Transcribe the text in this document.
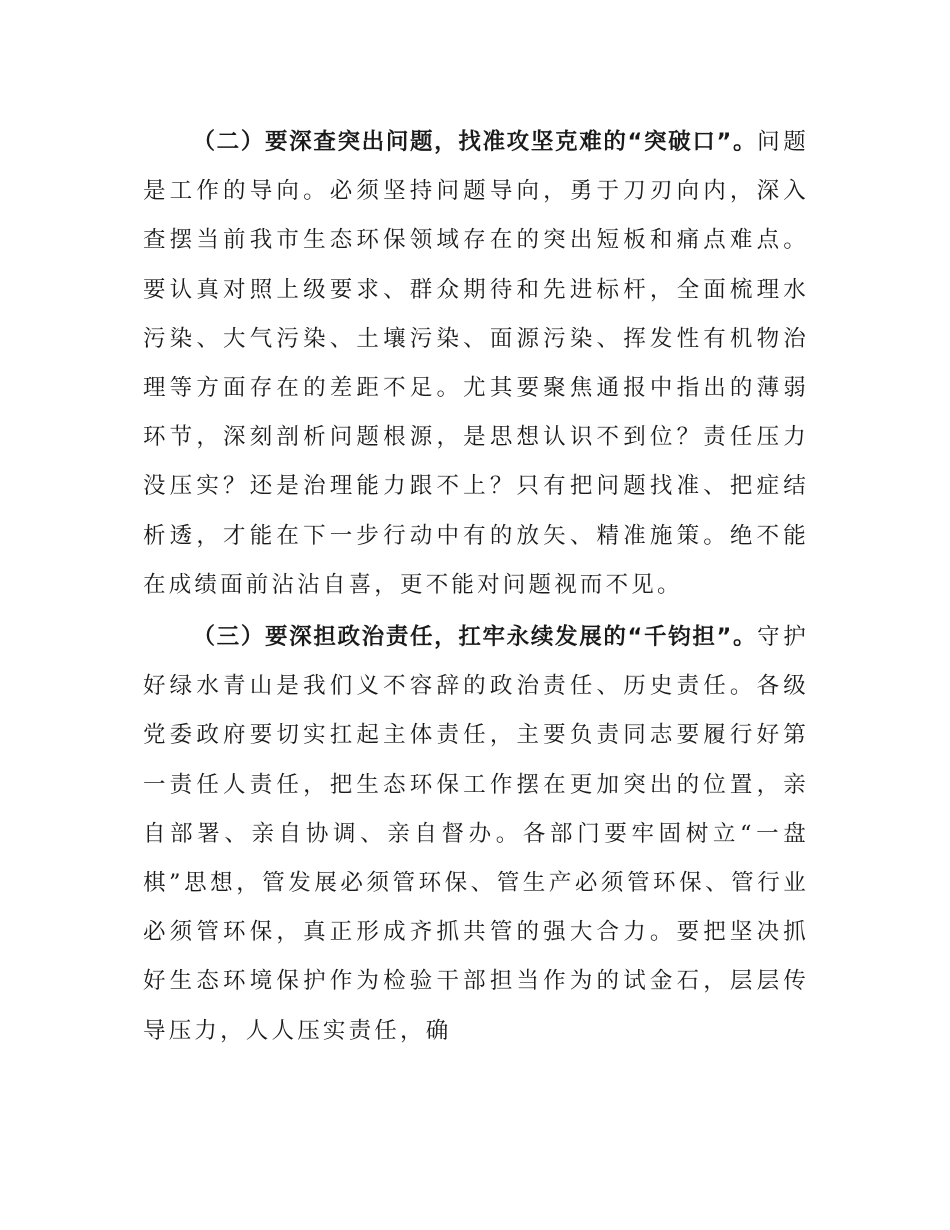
（二）要深查突出问题，找准攻坚克难的“突破口”。问题是工作的导向。必须坚持问题导向，勇于刀刃向内，深入查摆当前我市生态环保领域存在的突出短板和痛点难点。要认真对照上级要求、群众期待和先进标杆，全面梳理水污染、大气污染、土壤污染、面源污染、挥发性有机物治理等方面存在的差距不足。尤其要聚焦通报中指出的薄弱环节，深刻剖析问题根源，是思想认识不到位？责任压力没压实？还是治理能力跟不上？只有把问题找准、把症结析透，才能在下一步行动中有的放矢、精准施策。绝不能在成绩面前沾沾自喜，更不能对问题视而不见。

（三）要深担政治责任，扛牢永续发展的“千钧担”。守护好绿水青山是我们义不容辞的政治责任、历史责任。各级党委政府要切实扛起主体责任，主要负责同志要履行好第一责任人责任，把生态环保工作摆在更加突出的位置，亲自部署、亲自协调、亲自督办。各部门要牢固树立“一盘棋”思想，管发展必须管环保、管生产必须管环保、管行业必须管环保，真正形成齐抓共管的强大合力。要把坚决抓好生态环境保护作为检验干部担当作为的试金石，层层传导压力，人人压实责任，确
